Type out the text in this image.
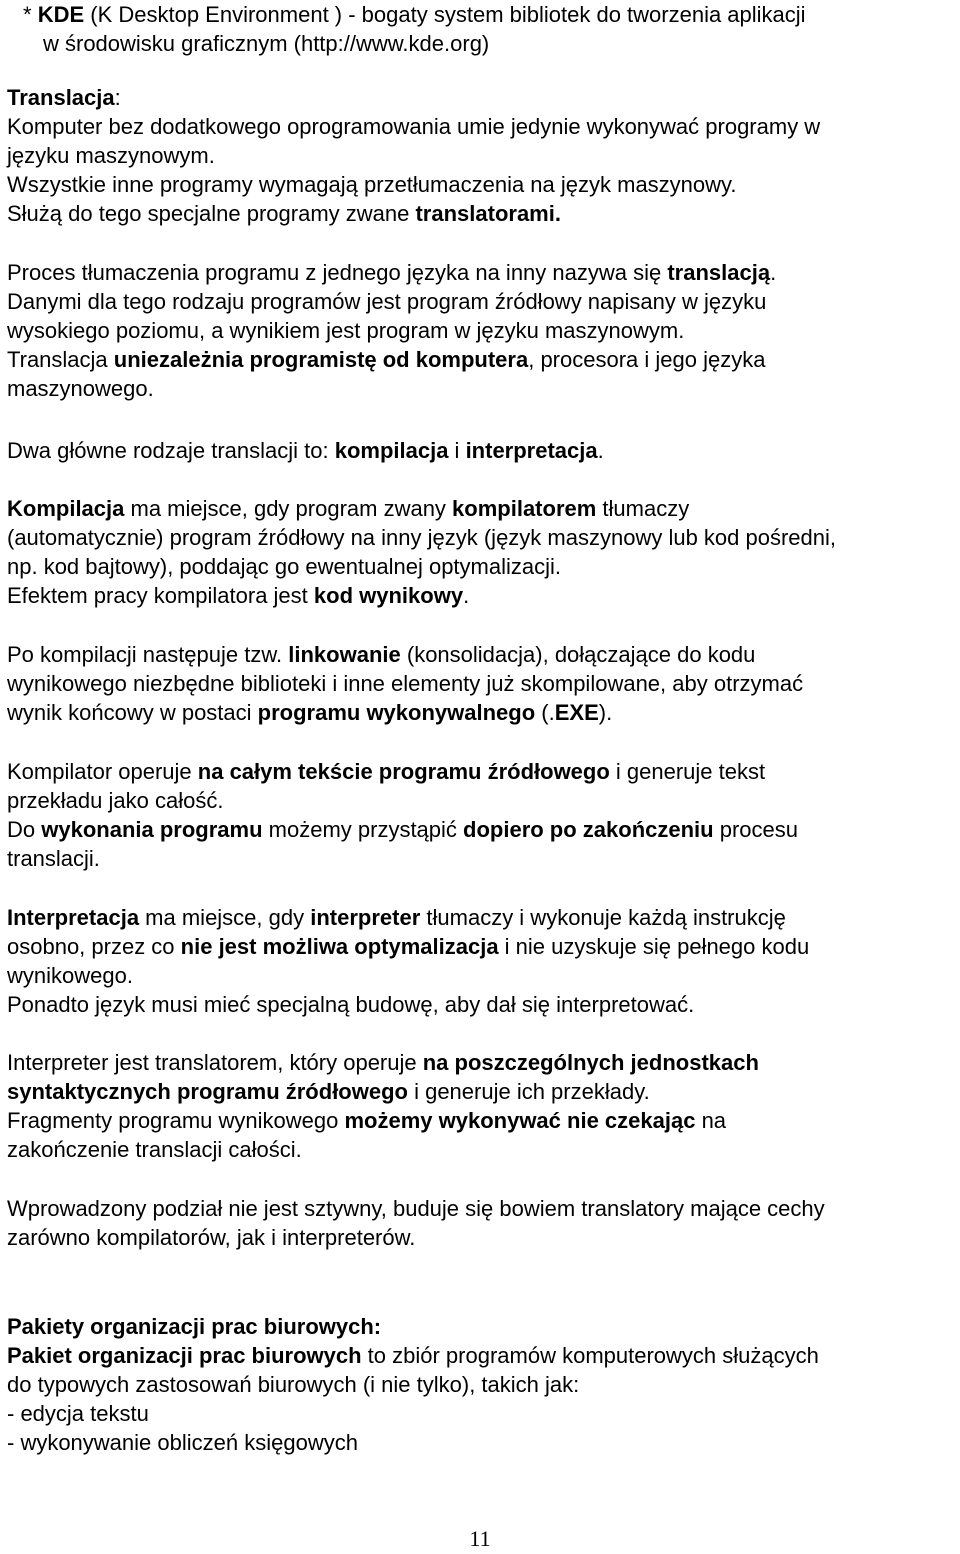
* KDE (K Desktop Environment ) - bogaty system bibliotek do tworzenia aplikacji
w środowisku graficznym (http://www.kde.org)
Translacja:
Komputer bez dodatkowego oprogramowania umie jedynie wykonywać programy w
języku maszynowym.
Wszystkie inne programy wymagają przetłumaczenia na język maszynowy.
Służą do tego specjalne programy zwane translatorami.
Proces tłumaczenia programu z jednego języka na inny nazywa się translacją.
Danymi dla tego rodzaju programów jest program źródłowy napisany w języku
wysokiego poziomu, a wynikiem jest program w języku maszynowym.
Translacja uniezależnia programistę od komputera, procesora i jego języka
maszynowego.
Dwa główne rodzaje translacji to: kompilacja i interpretacja.
Kompilacja ma miejsce, gdy program zwany kompilatorem tłumaczy
(automatycznie) program źródłowy na inny język (język maszynowy lub kod pośredni,
np. kod bajtowy), poddając go ewentualnej optymalizacji.
Efektem pracy kompilatora jest kod wynikowy.
Po kompilacji następuje tzw. linkowanie (konsolidacja), dołączające do kodu
wynikowego niezbędne biblioteki i inne elementy już skompilowane, aby otrzymać
wynik końcowy w postaci programu wykonywalnego (.EXE).
Kompilator operuje na całym tekście programu źródłowego i generuje tekst
przekładu jako całość.
Do wykonania programu możemy przystąpić dopiero po zakończeniu procesu
translacji.
Interpretacja ma miejsce, gdy interpreter tłumaczy i wykonuje każdą instrukcję
osobno, przez co nie jest możliwa optymalizacja i nie uzyskuje się pełnego kodu
wynikowego.
Ponadto język musi mieć specjalną budowę, aby dał się interpretować.
Interpreter jest translatorem, który operuje na poszczególnych jednostkach
syntaktycznych programu źródłowego i generuje ich przekłady.
Fragmenty programu wynikowego możemy wykonywać nie czekając na
zakończenie translacji całości.
Wprowadzony podział nie jest sztywny, buduje się bowiem translatory mające cechy
zarówno kompilatorów, jak i interpreterów.
Pakiety organizacji prac biurowych:
Pakiet organizacji prac biurowych to zbiór programów komputerowych służących
do typowych zastosowań biurowych (i nie tylko), takich jak:
- edycja tekstu
- wykonywanie obliczeń księgowych
11
